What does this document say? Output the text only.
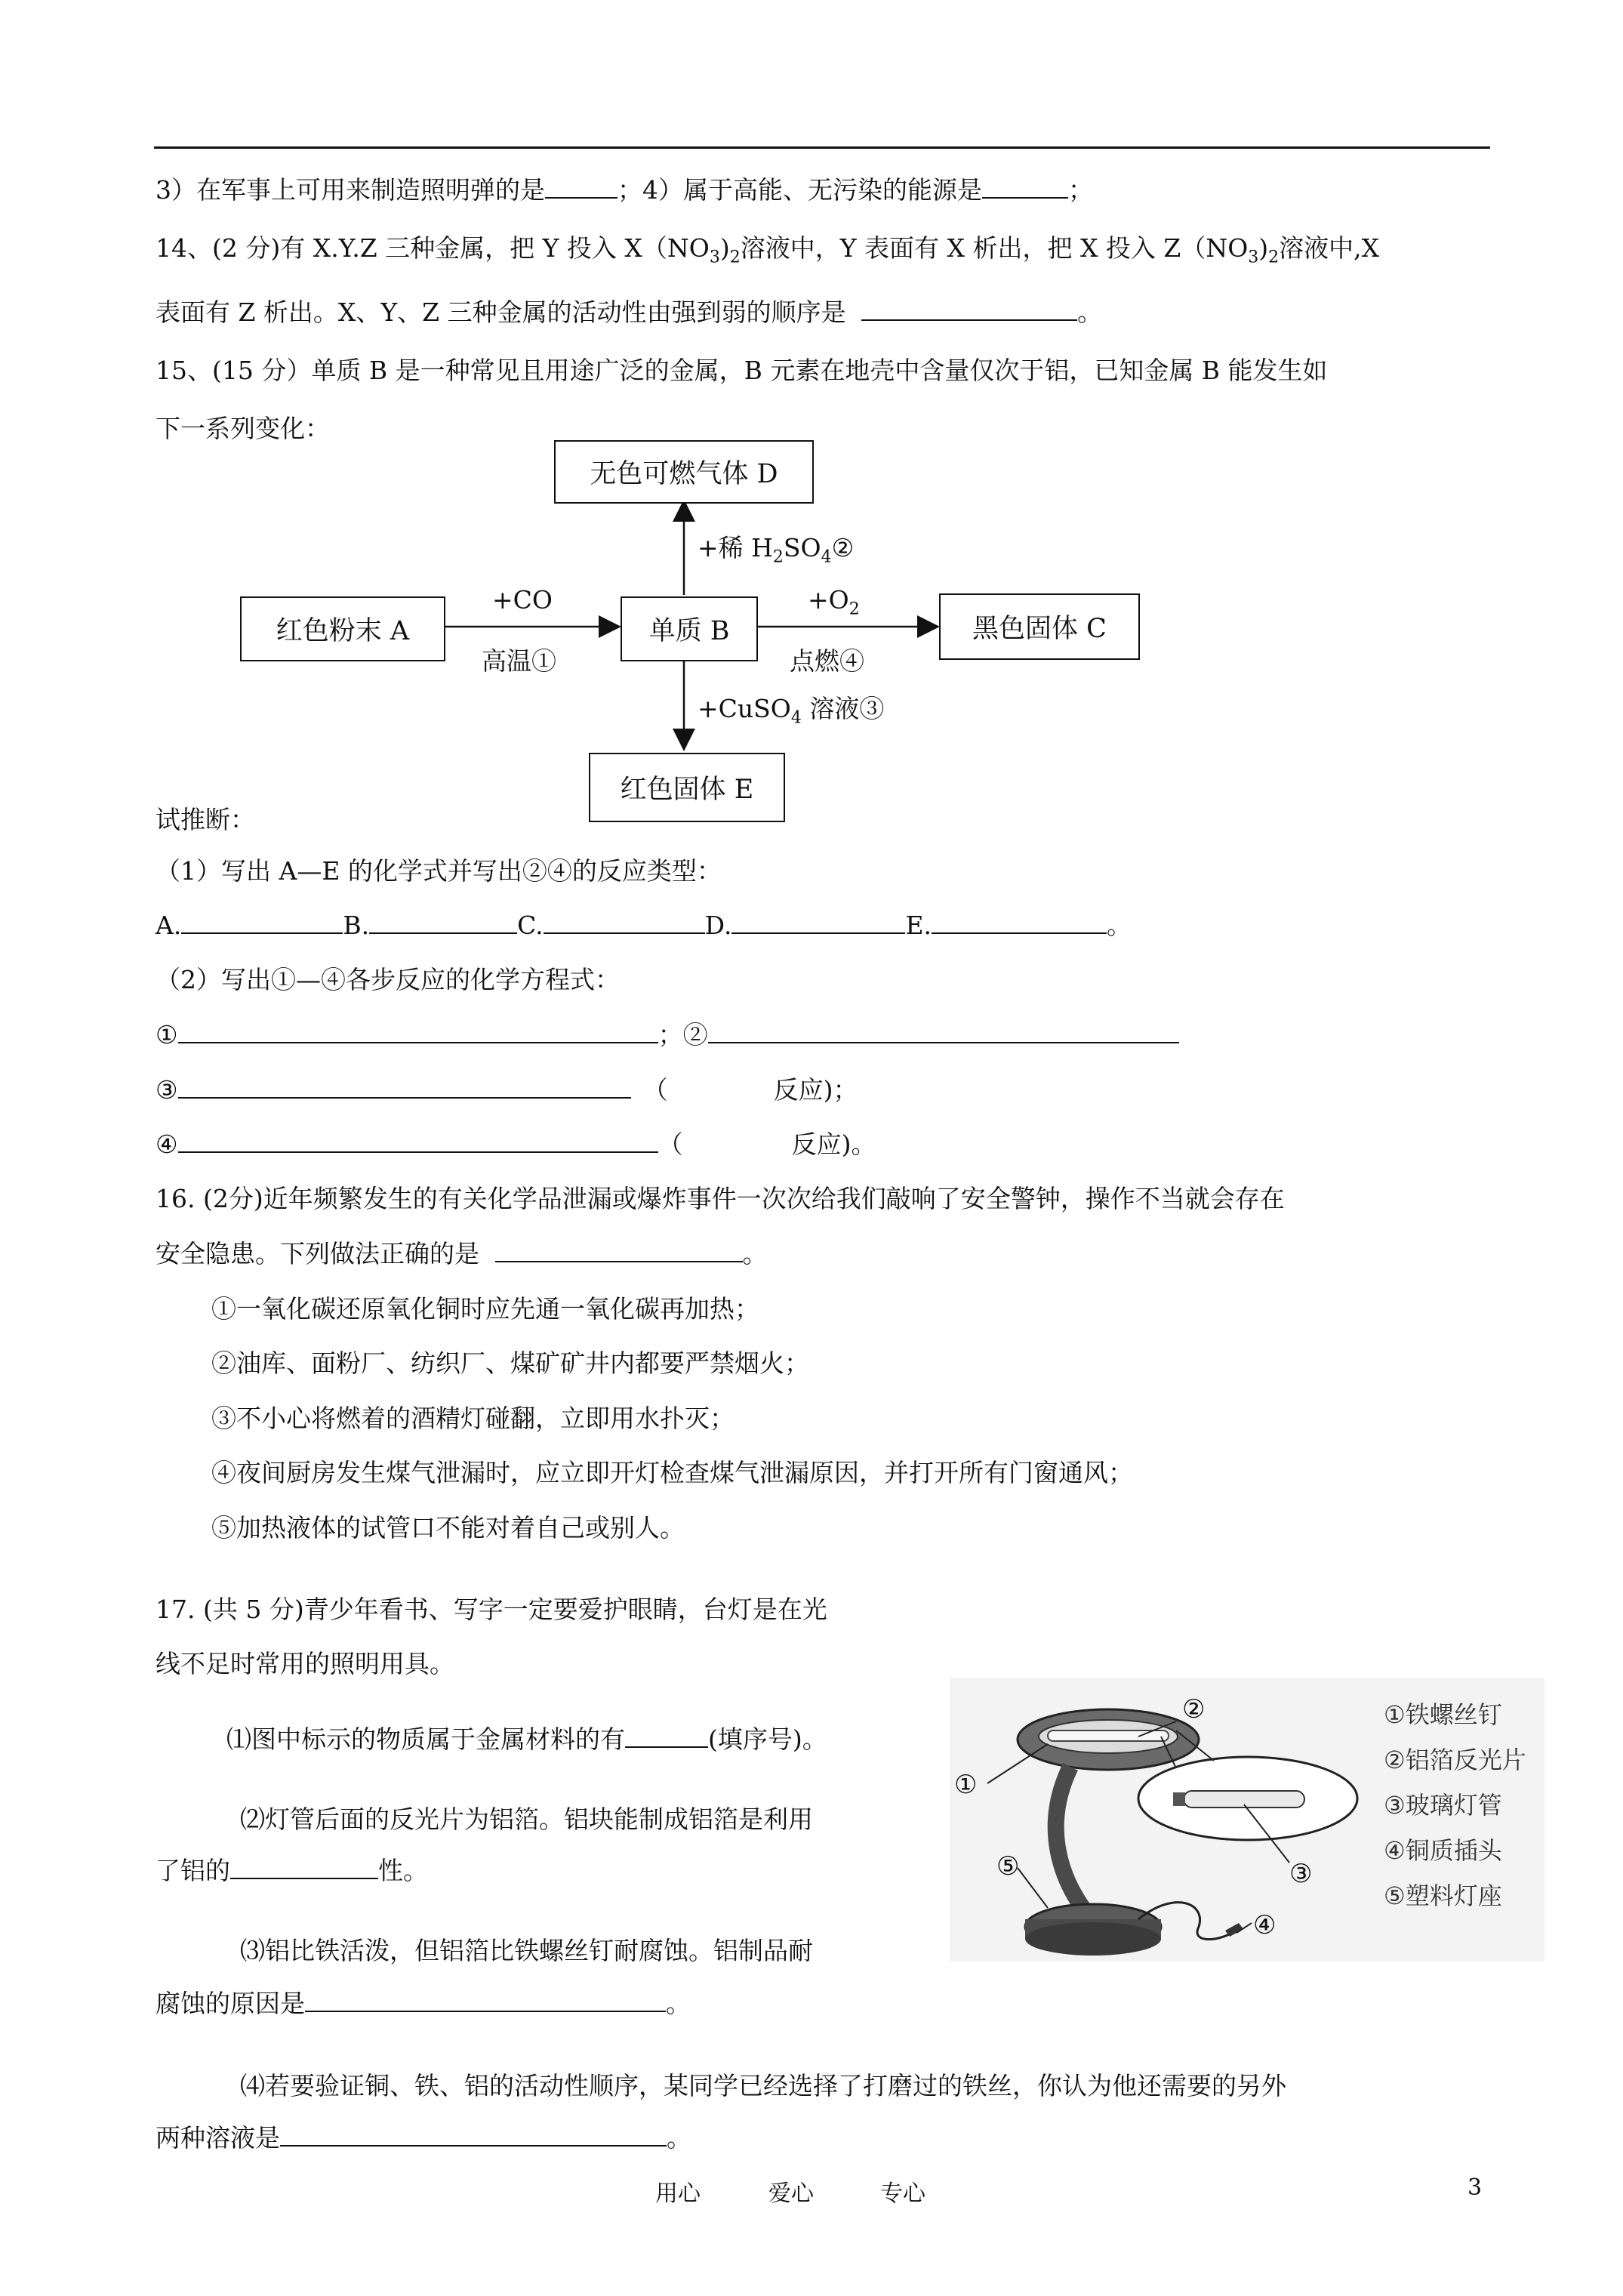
3）在军事上可用来制造照明弹的是	；4）属于高能、无污染的能源是	；
14、(2 分)有 X.Y.Z 三种金属，把 Y 投入 $X(NO_3)_2$溶液中，Y 表面有 X 析出，把 X 投入 $Z(NO_3)_2$溶液中,X
表面有 Z 析出。X、Y、Z 三种金属的活动性由强到弱的顺序是	。
15、(15 分）单质 B 是一种常见且用途广泛的金属，B 元素在地壳中含量仅次于铝，已知金属 B 能发生如
下一系列变化：
无色可燃气体 D
红色粉末 A	单质 B	黑色固体 C
红色固体 E
+稀 $H_2SO_4②$
+CO
高温①
$+O_2$
点燃④
+CuSO$_4$ 溶液③
试推断：
（1）写出 A—E 的化学式并写出②④的反应类型：
A.	B.	C.	D.	E.	。
（2）写出①—④各步反应的化学方程式：
①	；②
③	（	反应)；
④	（	反应)。
16. (2分)近年频繁发生的有关化学品泄漏或爆炸事件一次次给我们敲响了安全警钟，操作不当就会存在
安全隐患。下列做法正确的是	。
①一氧化碳还原氧化铜时应先通一氧化碳再加热；
②油库、面粉厂、纺织厂、煤矿矿井内都要严禁烟火；
③不小心将燃着的酒精灯碰翻，立即用水扑灭；
④夜间厨房发生煤气泄漏时，应立即开灯检查煤气泄漏原因，并打开所有门窗通风；
⑤加热液体的试管口不能对着自己或别人。
17. (共 5 分)青少年看书、写字一定要爱护眼睛，台灯是在光
线不足时常用的照明用具。
⑴图中标示的物质属于金属材料的有	(填序号)。
⑵灯管后面的反光片为铝箔。铝块能制成铝箔是利用
了铝的	性。
⑶铝比铁活泼，但铝箔比铁螺丝钉耐腐蚀。铝制品耐
腐蚀的原因是	。
⑷若要验证铜、铁、铝的活动性顺序，某同学已经选择了打磨过的铁丝，你认为他还需要的另外
两种溶液是	。
①
②
③
④
⑤
①铁螺丝钉
②铝箔反光片
③玻璃灯管
④铜质插头
⑤塑料灯座
用心	爱心	专心	3
